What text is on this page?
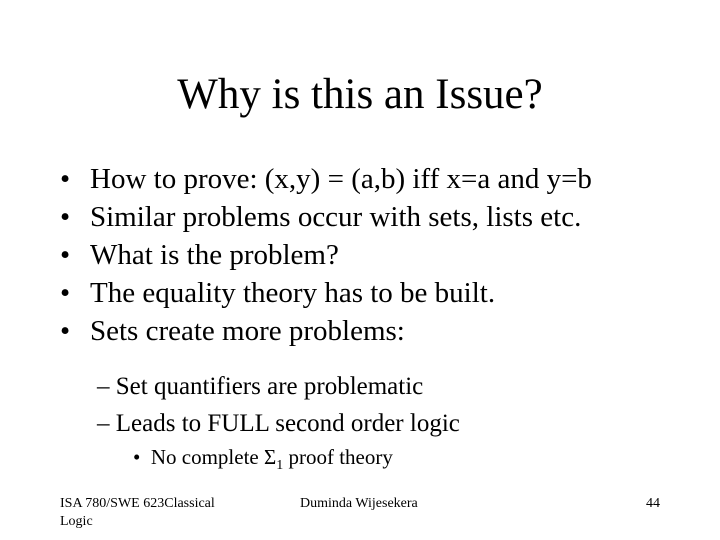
Why is this an Issue?
• How to prove: (x,y) = (a,b) iff x=a and y=b
• Similar problems occur with sets, lists etc.
• What is the problem?
• The equality theory has to be built.
• Sets create more problems:
– Set quantifiers are problematic
– Leads to FULL second order logic
• No complete $\Sigma_1$ proof theory
ISA 780/SWE 623Classical Logic
Duminda Wijesekera	44
